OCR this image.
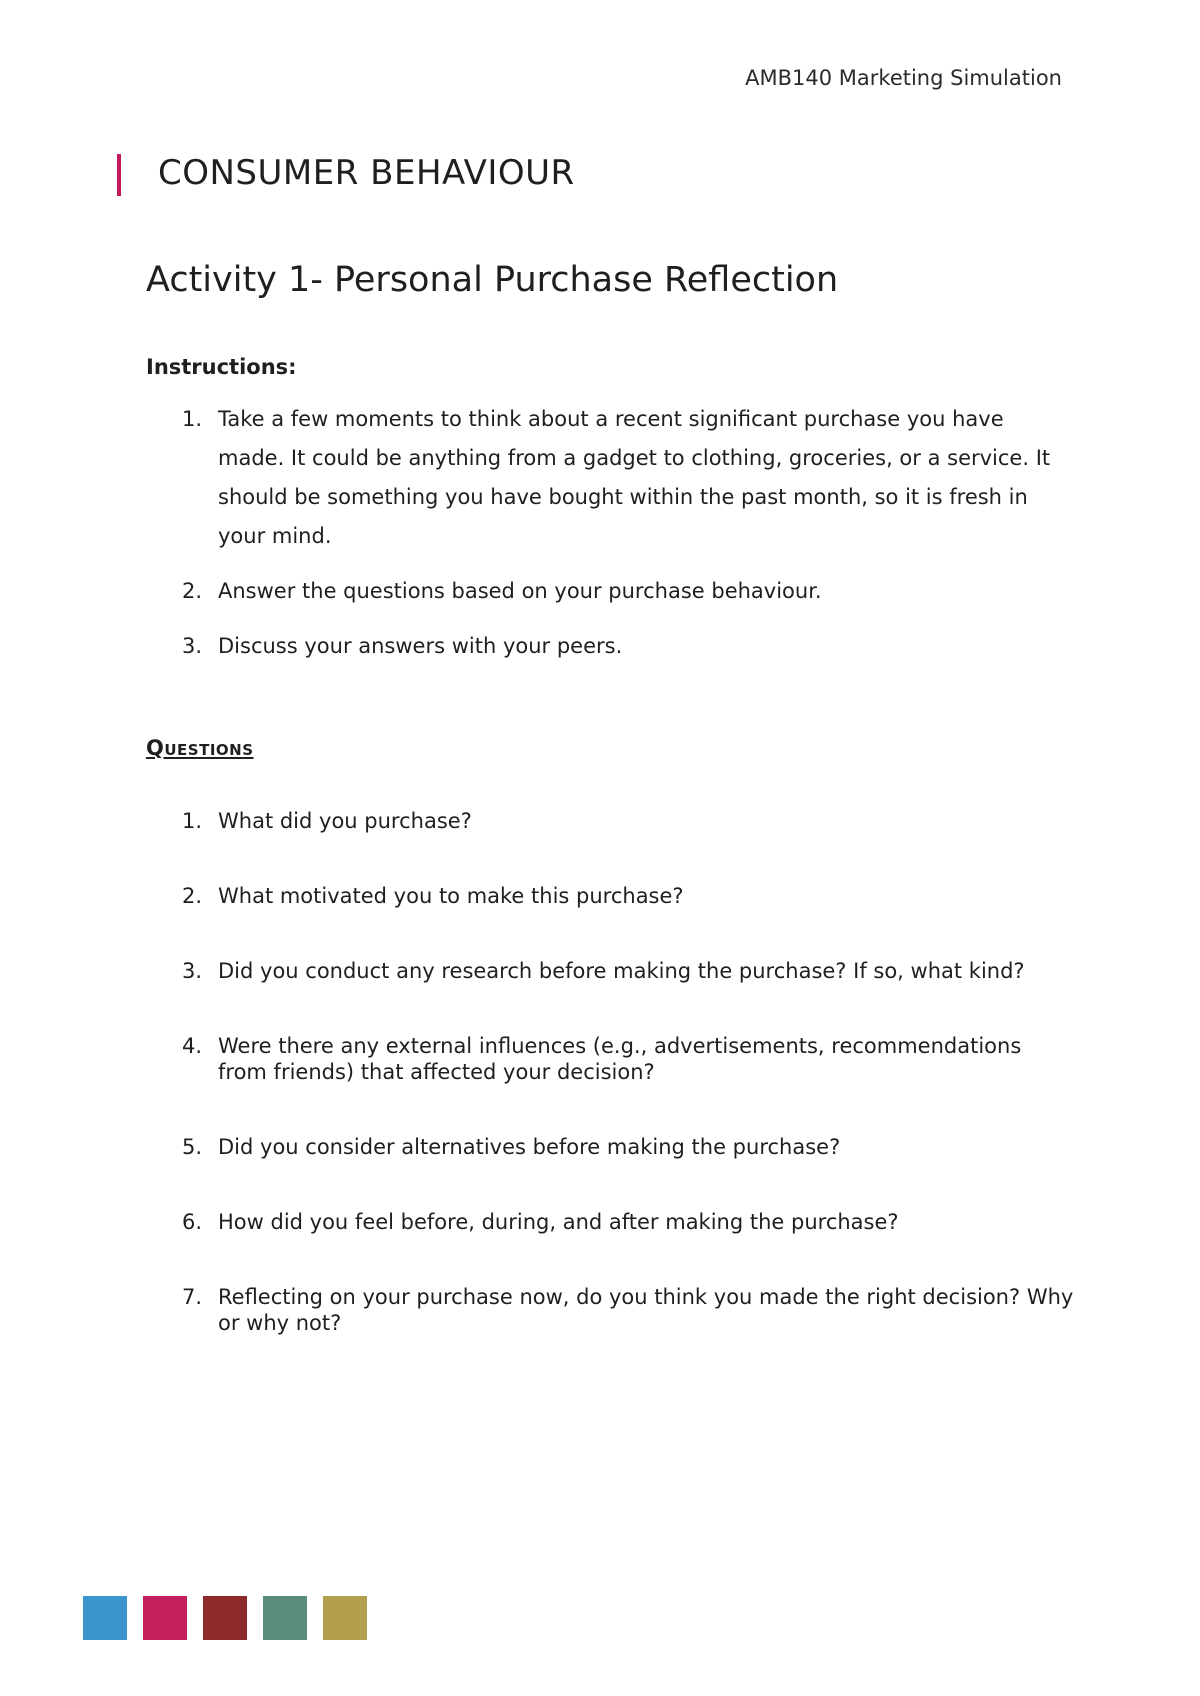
AMB140 Marketing Simulation
CONSUMER BEHAVIOUR
Activity 1- Personal Purchase Reflection
Instructions:
1. Take a few moments to think about a recent significant purchase you have made. It could be anything from a gadget to clothing, groceries, or a service. It should be something you have bought within the past month, so it is fresh in your mind.
2. Answer the questions based on your purchase behaviour.
3. Discuss your answers with your peers.
Questions
1. What did you purchase?
2. What motivated you to make this purchase?
3. Did you conduct any research before making the purchase? If so, what kind?
4. Were there any external influences (e.g., advertisements, recommendations from friends) that affected your decision?
5. Did you consider alternatives before making the purchase?
6. How did you feel before, during, and after making the purchase?
7. Reflecting on your purchase now, do you think you made the right decision? Why or why not?
